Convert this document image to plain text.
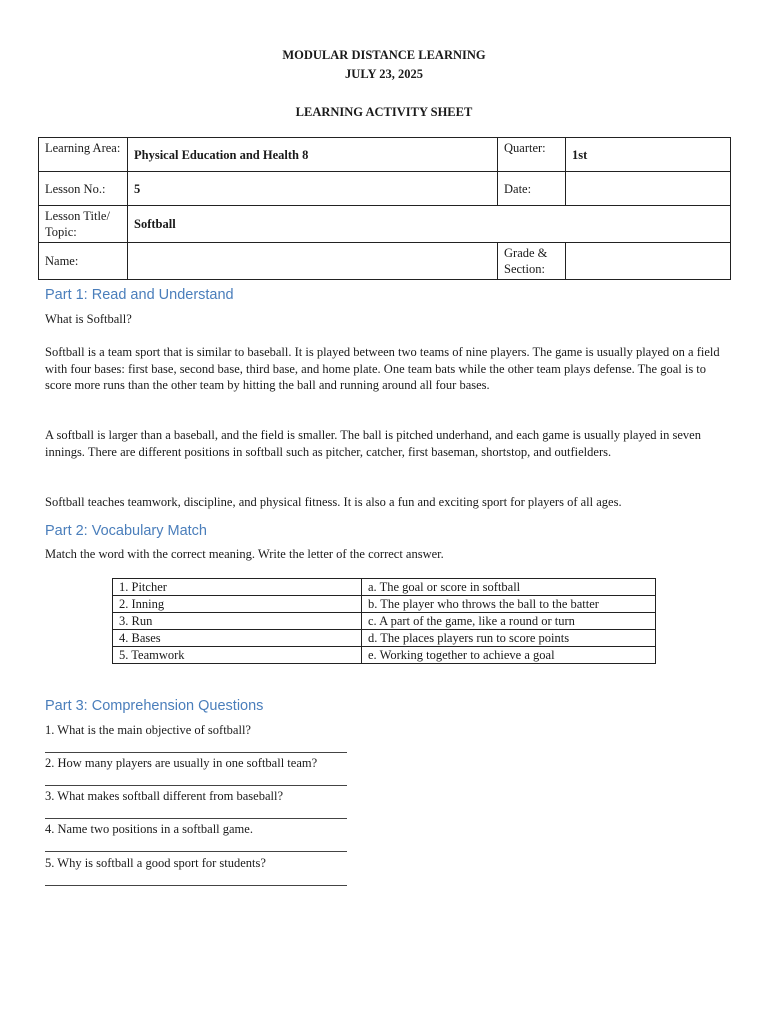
MODULAR DISTANCE LEARNING
JULY 23, 2025
LEARNING ACTIVITY SHEET
Learning Area:	Physical Education and Health 8	Quarter:	1st
Lesson No.:	5	Date:	
Lesson Title/ Topic:	Softball		
Name:		Grade & Section:	
Part 1: Read and Understand
What is Softball?
Softball is a team sport that is similar to baseball. It is played between two teams of nine players. The game is usually played on a field with four bases: first base, second base, third base, and home plate. One team bats while the other team plays defense. The goal is to score more runs than the other team by hitting the ball and running around all four bases.
A softball is larger than a baseball, and the field is smaller. The ball is pitched underhand, and each game is usually played in seven innings. There are different positions in softball such as pitcher, catcher, first baseman, shortstop, and outfielders.
Softball teaches teamwork, discipline, and physical fitness. It is also a fun and exciting sport for players of all ages.
Part 2: Vocabulary Match
Match the word with the correct meaning. Write the letter of the correct answer.
1. Pitcher	a. The goal or score in softball
2. Inning	b. The player who throws the ball to the batter
3. Run	c. A part of the game, like a round or turn
4. Bases	d. The places players run to score points
5. Teamwork	e. Working together to achieve a goal
Part 3: Comprehension Questions
1. What is the main objective of softball?
2. How many players are usually in one softball team?
3. What makes softball different from baseball?
4. Name two positions in a softball game.
5. Why is softball a good sport for students?
